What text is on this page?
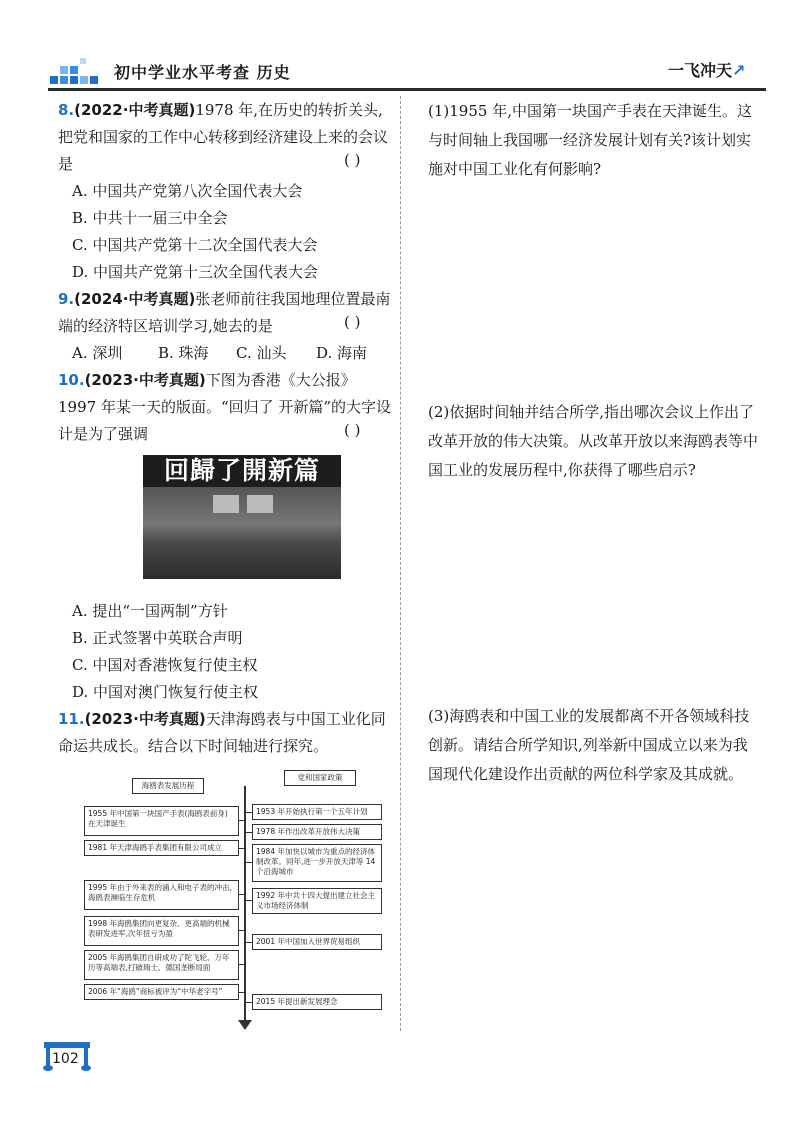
初中学业水平考查 历史	一飞冲天↗
8.(2022·中考真题)1978 年,在历史的转折关头,把党和国家的工作中心转移到经济建设上来的会议是	( )
A. 中国共产党第八次全国代表大会
B. 中共十一届三中全会
C. 中国共产党第十二次全国代表大会
D. 中国共产党第十三次全国代表大会
9.(2024·中考真题)张老师前往我国地理位置最南端的经济特区培训学习,她去的是	( )
A. 深圳 B. 珠海 C. 汕头 D. 海南
10.(2023·中考真题)下图为香港《大公报》1997 年某一天的版面。“回归了 开新篇”的大字设计是为了强调	( )
回歸了開新篇
A. 提出“一国两制”方针
B. 正式签署中英联合声明
C. 中国对香港恢复行使主权
D. 中国对澳门恢复行使主权
11.(2023·中考真题)天津海鸥表与中国工业化同命运共成长。结合以下时间轴进行探究。
海鸥表发展历程
党和国家政策
1955 年中国第一块国产手表(海鸥表前身)在天津诞生
1981 年天津海鸥手表集团有限公司成立
1995 年由于外来表的涌入和电子表的冲击,海鸥表濒临生存危机
1998 年海鸥集团向更复杂、更高端的机械表研发进军,次年扭亏为盈
2005 年海鸥集团自研成功了陀飞轮、万年历等高端表,打破瑞士、德国垄断局面
2006 年“海鸥”商标被评为“中华老字号”
1953 年开始执行第一个五年计划
1978 年作出改革开放伟大决策
1984 年加快以城市为重点的经济体制改革。同年,进一步开放天津等 14 个沿海城市
1992 年中共十四大提出建立社会主义市场经济体制
2001 年中国加入世界贸易组织
2015 年提出新发展理念
(1)1955 年,中国第一块国产手表在天津诞生。这与时间轴上我国哪一经济发展计划有关?该计划实施对中国工业化有何影响?
(2)依据时间轴并结合所学,指出哪次会议上作出了改革开放的伟大决策。从改革开放以来海鸥表等中国工业的发展历程中,你获得了哪些启示?
(3)海鸥表和中国工业的发展都离不开各领域科技创新。请结合所学知识,列举新中国成立以来为我国现代化建设作出贡献的两位科学家及其成就。
102
